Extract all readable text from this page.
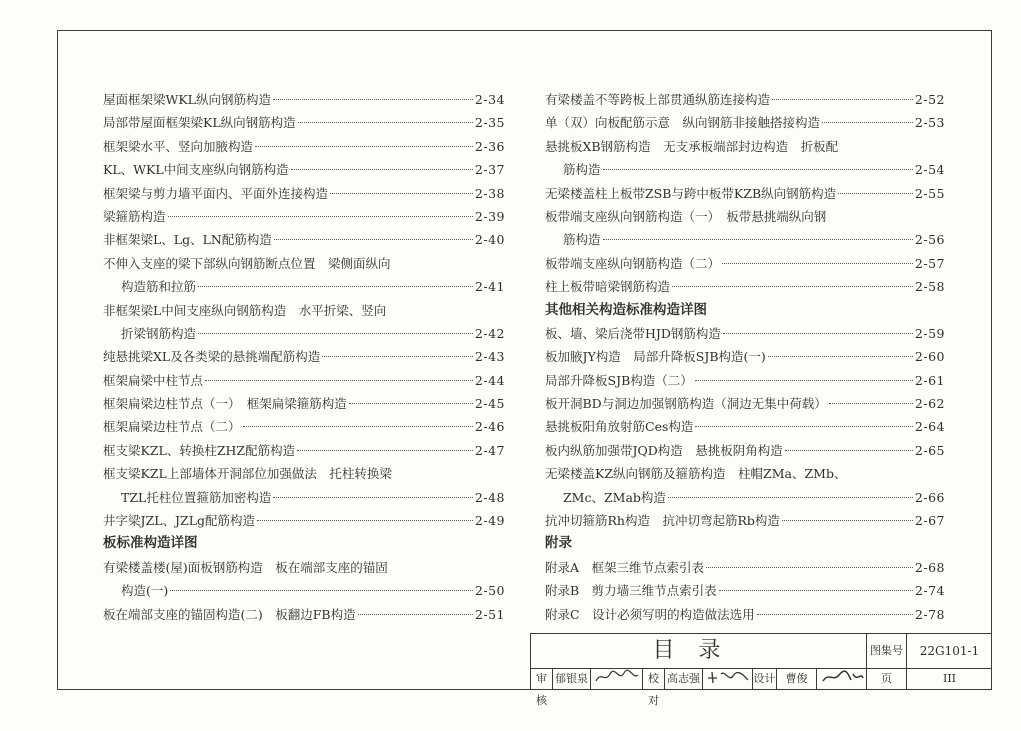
屋面框架梁WKL纵向钢筋构造	2-34
局部带屋面框架梁KL纵向钢筋构造	2-35
框架梁水平、竖向加腋构造	2-36
KL、WKL中间支座纵向钢筋构造	2-37
框架梁与剪力墙平面内、平面外连接构造	2-38
梁箍筋构造	2-39
非框架梁L、Lg、LN配筋构造	2-40
不伸入支座的梁下部纵向钢筋断点位置　梁侧面纵向
构造筋和拉筋	2-41
非框架梁L中间支座纵向钢筋构造　水平折梁、竖向
折梁钢筋构造	2-42
纯悬挑梁XL及各类梁的悬挑端配筋构造	2-43
框架扁梁中柱节点	2-44
框架扁梁边柱节点（一）　框架扁梁箍筋构造	2-45
框架扁梁边柱节点（二）	2-46
框支梁KZL、转换柱ZHZ配筋构造	2-47
框支梁KZL上部墙体开洞部位加强做法　托柱转换梁
TZL托柱位置箍筋加密构造	2-48
井字梁JZL、JZLg配筋构造	2-49
板标准构造详图
有梁楼盖楼(屋)面板钢筋构造　板在端部支座的锚固
构造(一)	2-50
板在端部支座的锚固构造(二)　板翻边FB构造	2-51
有梁楼盖不等跨板上部贯通纵筋连接构造	2-52
单（双）向板配筋示意　纵向钢筋非接触搭接构造	2-53
悬挑板XB钢筋构造　无支承板端部封边构造　折板配
筋构造	2-54
无梁楼盖柱上板带ZSB与跨中板带KZB纵向钢筋构造	2-55
板带端支座纵向钢筋构造（一）　板带悬挑端纵向钢
筋构造	2-56
板带端支座纵向钢筋构造（二）	2-57
柱上板带暗梁钢筋构造	2-58
其他相关构造标准构造详图
板、墙、梁后浇带HJD钢筋构造	2-59
板加腋JY构造　局部升降板SJB构造(一)	2-60
局部升降板SJB构造（二）	2-61
板开洞BD与洞边加强钢筋构造（洞边无集中荷载）	2-62
悬挑板阳角放射筋Ces构造	2-64
板内纵筋加强带JQD构造　悬挑板阴角构造	2-65
无梁楼盖KZ纵向钢筋及箍筋构造　柱帽ZMa、ZMb、
ZMc、ZMab构造	2-66
抗冲切箍筋Rh构造　抗冲切弯起筋Rb构造	2-67
附录
附录A　框架三维节点索引表	2-68
附录B　剪力墙三维节点索引表	2-74
附录C　设计必须写明的构造做法选用	2-78
目录	图集号	22G101-1
审核
郁银泉	校对
高志强	设计 曹俊	页	III
